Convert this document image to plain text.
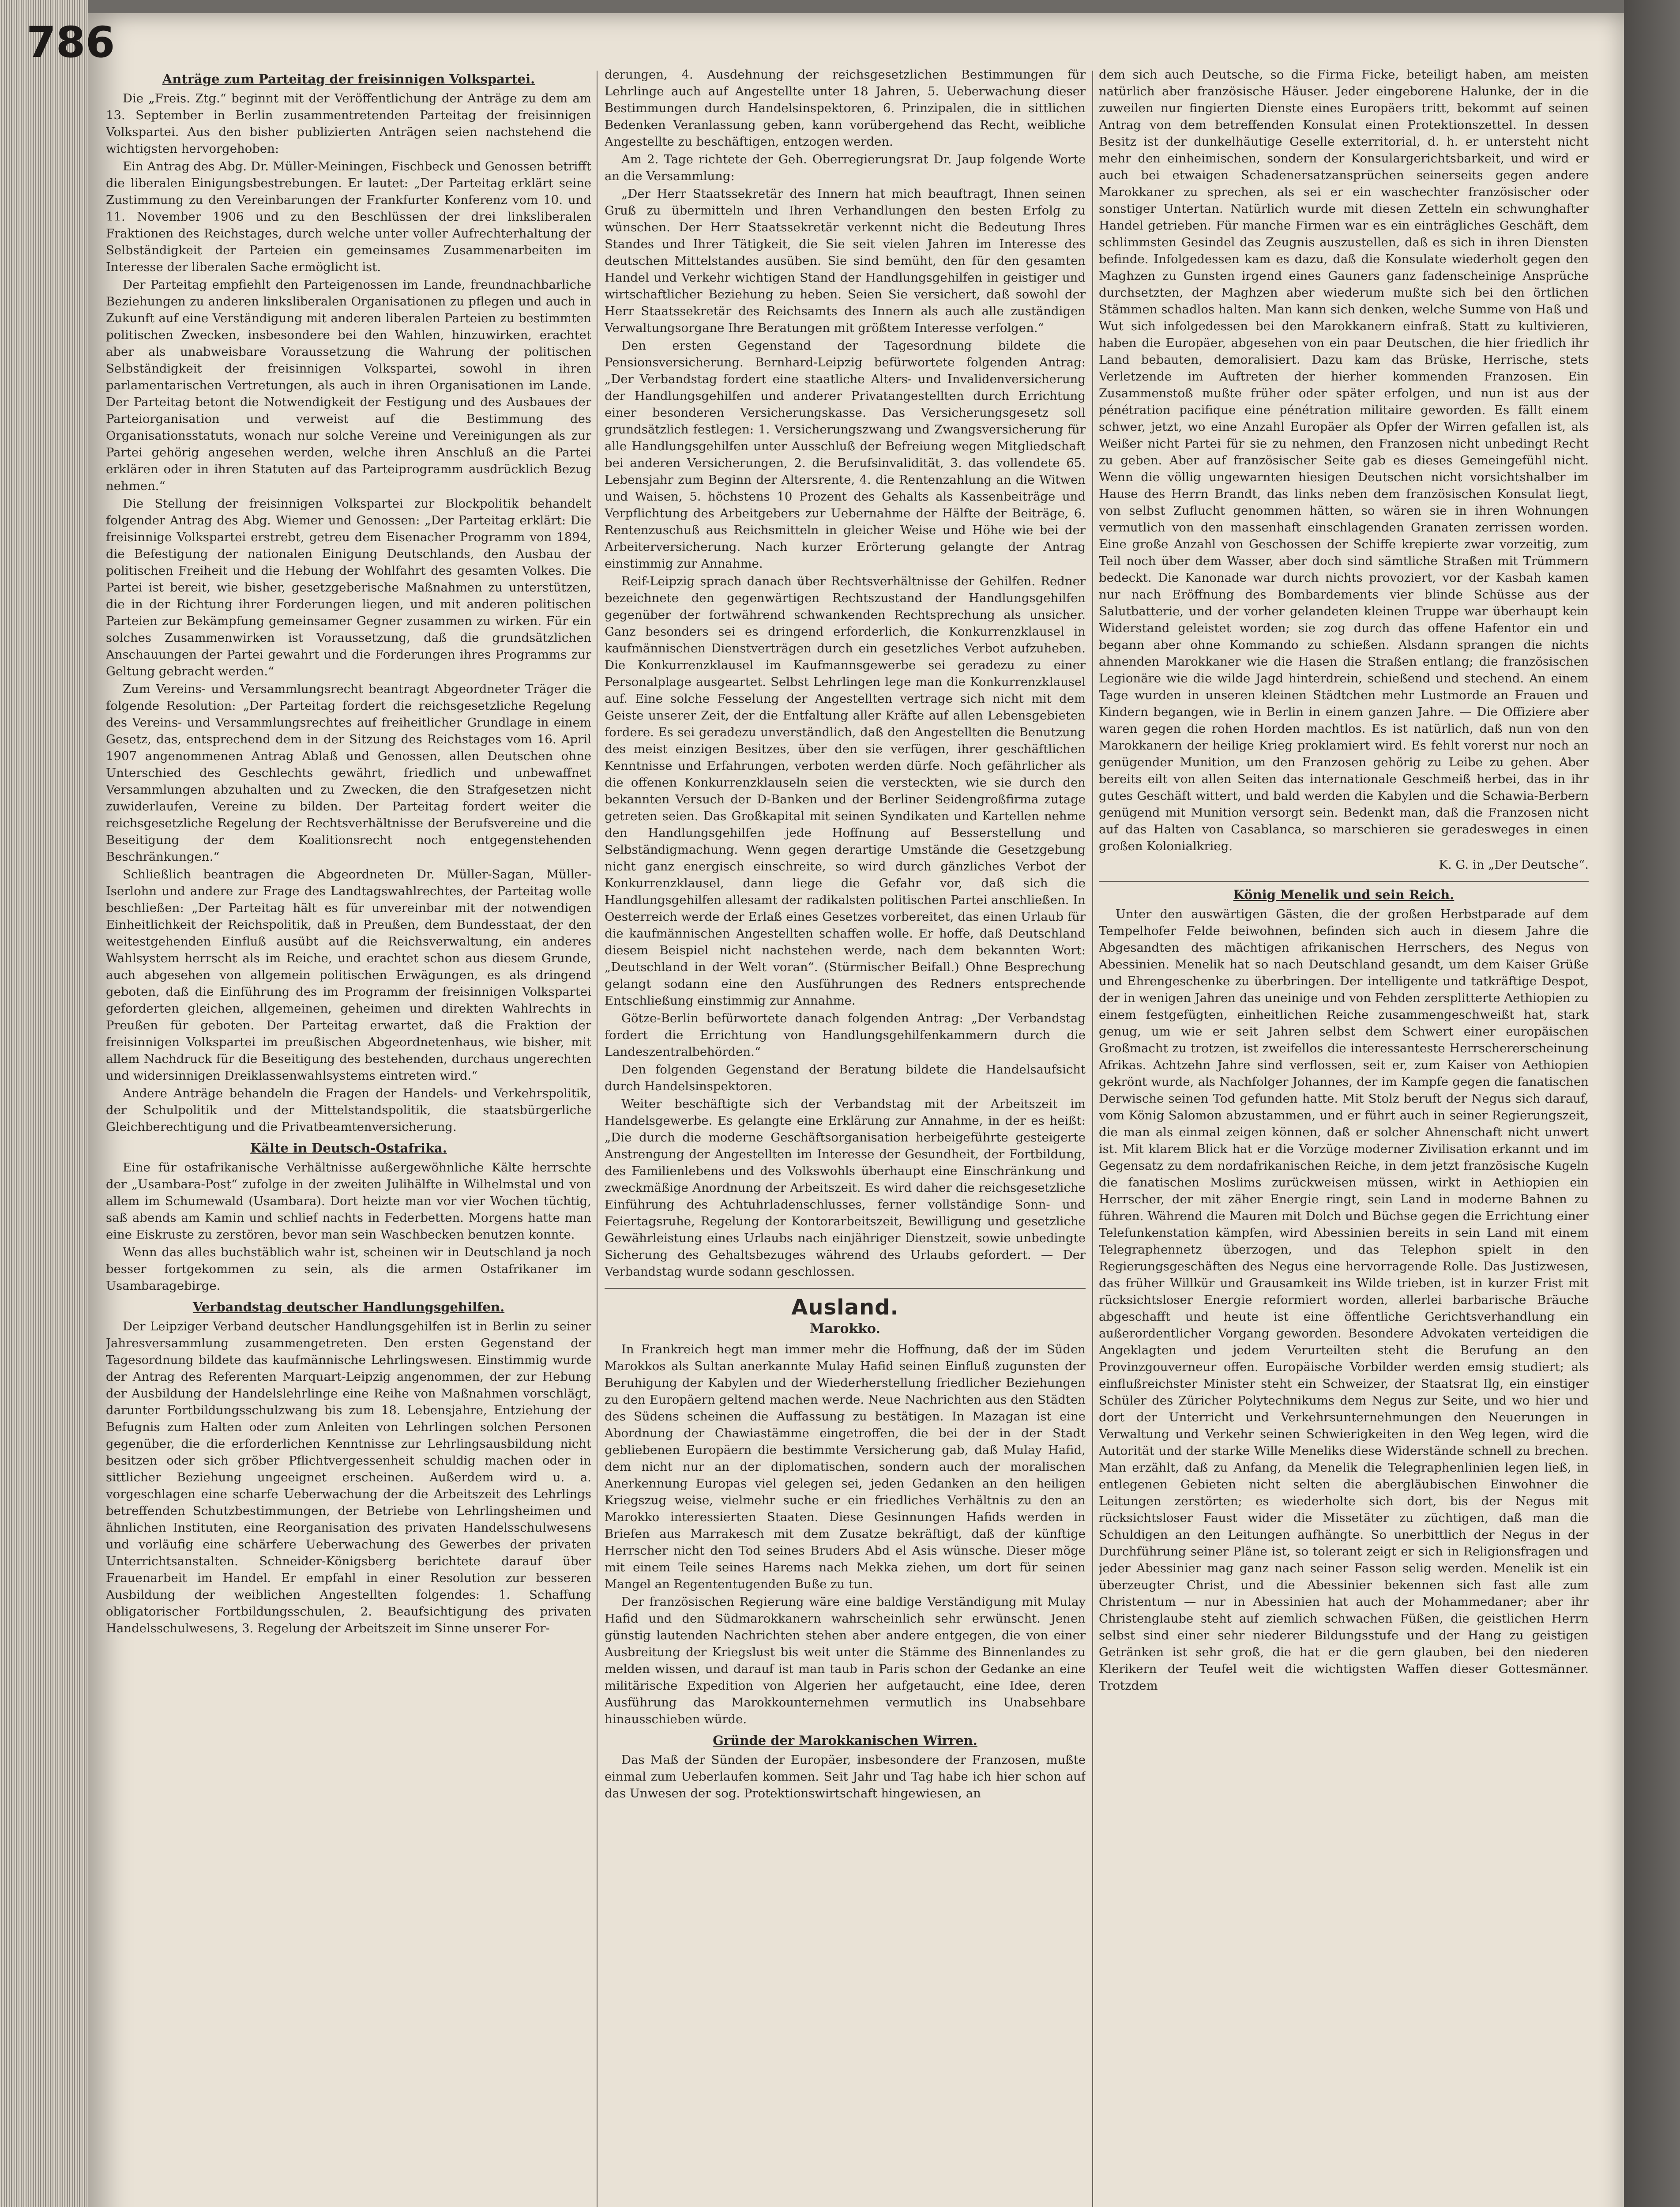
786
Anträge zum Parteitag der freisinnigen Volkspartei.

Die „Freis. Ztg.“ beginnt mit der Veröffentlichung der Anträge zu dem am 13. September in Berlin zusammentretenden Parteitag der freisinnigen Volkspartei. Aus den bisher publizierten Anträgen seien nachstehend die wichtigsten hervorgehoben:

Ein Antrag des Abg. Dr. Müller-Meiningen, Fischbeck und Genossen betrifft die liberalen Einigungsbestrebungen. Er lautet: „Der Parteitag erklärt seine Zustimmung zu den Vereinbarungen der Frankfurter Konferenz vom 10. und 11. November 1906 und zu den Beschlüssen der drei linksliberalen Fraktionen des Reichstages, durch welche unter voller Aufrechterhaltung der Selbständigkeit der Parteien ein gemeinsames Zusammenarbeiten im Interesse der liberalen Sache ermöglicht ist.

Der Parteitag empfiehlt den Parteigenossen im Lande, freundnachbarliche Beziehungen zu anderen linksliberalen Organisationen zu pflegen und auch in Zukunft auf eine Verständigung mit anderen liberalen Parteien zu bestimmten politischen Zwecken, insbesondere bei den Wahlen, hinzuwirken, erachtet aber als unabweisbare Voraussetzung die Wahrung der politischen Selbständigkeit der freisinnigen Volkspartei, sowohl in ihren parlamentarischen Vertretungen, als auch in ihren Organisationen im Lande. Der Parteitag betont die Notwendigkeit der Festigung und des Ausbaues der Parteiorganisation und verweist auf die Bestimmung des Organisationsstatuts, wonach nur solche Vereine und Vereinigungen als zur Partei gehörig angesehen werden, welche ihren Anschluß an die Partei erklären oder in ihren Statuten auf das Parteiprogramm ausdrücklich Bezug nehmen.“

Die Stellung der freisinnigen Volkspartei zur Blockpolitik behandelt folgender Antrag des Abg. Wiemer und Genossen: „Der Parteitag erklärt: Die freisinnige Volkspartei erstrebt, getreu dem Eisenacher Programm von 1894, die Befestigung der nationalen Einigung Deutschlands, den Ausbau der politischen Freiheit und die Hebung der Wohlfahrt des gesamten Volkes. Die Partei ist bereit, wie bisher, gesetzgeberische Maßnahmen zu unterstützen, die in der Richtung ihrer Forderungen liegen, und mit anderen politischen Parteien zur Bekämpfung gemeinsamer Gegner zusammen zu wirken. Für ein solches Zusammenwirken ist Voraussetzung, daß die grundsätzlichen Anschauungen der Partei gewahrt und die Forderungen ihres Programms zur Geltung gebracht werden.“

Zum Vereins- und Versammlungsrecht beantragt Abgeordneter Träger die folgende Resolution: „Der Parteitag fordert die reichsgesetzliche Regelung des Vereins- und Versammlungsrechtes auf freiheitlicher Grundlage in einem Gesetz, das, entsprechend dem in der Sitzung des Reichstages vom 16. April 1907 angenommenen Antrag Ablaß und Genossen, allen Deutschen ohne Unterschied des Geschlechts gewährt, friedlich und unbewaffnet Versammlungen abzuhalten und zu Zwecken, die den Strafgesetzen nicht zuwiderlaufen, Vereine zu bilden. Der Parteitag fordert weiter die reichsgesetzliche Regelung der Rechtsverhältnisse der Berufsvereine und die Beseitigung der dem Koalitionsrecht noch entgegenstehenden Beschränkungen.“

Schließlich beantragen die Abgeordneten Dr. Müller-Sagan, Müller-Iserlohn und andere zur Frage des Landtagswahlrechtes, der Parteitag wolle beschließen: „Der Parteitag hält es für unvereinbar mit der notwendigen Einheitlichkeit der Reichspolitik, daß in Preußen, dem Bundesstaat, der den weitestgehenden Einfluß ausübt auf die Reichsverwaltung, ein anderes Wahlsystem herrscht als im Reiche, und erachtet schon aus diesem Grunde, auch abgesehen von allgemein politischen Erwägungen, es als dringend geboten, daß die Einführung des im Programm der freisinnigen Volkspartei geforderten gleichen, allgemeinen, geheimen und direkten Wahlrechts in Preußen für geboten. Der Parteitag erwartet, daß die Fraktion der freisinnigen Volkspartei im preußischen Abgeordnetenhaus, wie bisher, mit allem Nachdruck für die Beseitigung des bestehenden, durchaus ungerechten und widersinnigen Dreiklassenwahlsystems eintreten wird.“

Andere Anträge behandeln die Fragen der Handels- und Verkehrspolitik, der Schulpolitik und der Mittelstandspolitik, die staatsbürgerliche Gleichberechtigung und die Privatbeamtenversicherung.

Kälte in Deutsch-Ostafrika.

Eine für ostafrikanische Verhältnisse außergewöhnliche Kälte herrschte der „Usambara-Post“ zufolge in der zweiten Julihälfte in Wilhelmstal und von allem im Schumewald (Usambara). Dort heizte man vor vier Wochen tüchtig, saß abends am Kamin und schlief nachts in Federbetten. Morgens hatte man eine Eiskruste zu zerstören, bevor man sein Waschbecken benutzen konnte.

Wenn das alles buchstäblich wahr ist, scheinen wir in Deutschland ja noch besser fortgekommen zu sein, als die armen Ostafrikaner im Usambaragebirge.

Verbandstag deutscher Handlungsgehilfen.

Der Leipziger Verband deutscher Handlungsgehilfen ist in Berlin zu seiner Jahresversammlung zusammengetreten. Den ersten Gegenstand der Tagesordnung bildete das kaufmännische Lehrlingswesen. Einstimmig wurde der Antrag des Referenten Marquart-Leipzig angenommen, der zur Hebung der Ausbildung der Handelslehrlinge eine Reihe von Maßnahmen vorschlägt, darunter Fortbildungsschulzwang bis zum 18. Lebensjahre, Entziehung der Befugnis zum Halten oder zum Anleiten von Lehrlingen solchen Personen gegenüber, die die erforderlichen Kenntnisse zur Lehrlingsausbildung nicht besitzen oder sich gröber Pflichtvergessenheit schuldig machen oder in sittlicher Beziehung ungeeignet erscheinen. Außerdem wird u. a. vorgeschlagen eine scharfe Ueberwachung der die Arbeitszeit des Lehrlings betreffenden Schutzbestimmungen, der Betriebe von Lehrlingsheimen und ähnlichen Instituten, eine Reorganisation des privaten Handelsschulwesens und vorläufig eine schärfere Ueberwachung des Gewerbes der privaten Unterrichtsanstalten. Schneider-Königsberg berichtete darauf über Frauenarbeit im Handel. Er empfahl in einer Resolution zur besseren Ausbildung der weiblichen Angestellten folgendes: 1. Schaffung obligatorischer Fortbildungsschulen, 2. Beaufsichtigung des privaten Handelsschulwesens, 3. Regelung der Arbeitszeit im Sinne unserer For-

derungen, 4. Ausdehnung der reichsgesetzlichen Bestimmungen für Lehrlinge auch auf Angestellte unter 18 Jahren, 5. Ueberwachung dieser Bestimmungen durch Handelsinspektoren, 6. Prinzipalen, die in sittlichen Bedenken Veranlassung geben, kann vorübergehend das Recht, weibliche Angestellte zu beschäftigen, entzogen werden.

Am 2. Tage richtete der Geh. Oberregierungsrat Dr. Jaup folgende Worte an die Versammlung:

„Der Herr Staatssekretär des Innern hat mich beauftragt, Ihnen seinen Gruß zu übermitteln und Ihren Verhandlungen den besten Erfolg zu wünschen. Der Herr Staatssekretär verkennt nicht die Bedeutung Ihres Standes und Ihrer Tätigkeit, die Sie seit vielen Jahren im Interesse des deutschen Mittelstandes ausüben. Sie sind bemüht, den für den gesamten Handel und Verkehr wichtigen Stand der Handlungsgehilfen in geistiger und wirtschaftlicher Beziehung zu heben. Seien Sie versichert, daß sowohl der Herr Staatssekretär des Reichsamts des Innern als auch alle zuständigen Verwaltungsorgane Ihre Beratungen mit größtem Interesse verfolgen.“

Den ersten Gegenstand der Tagesordnung bildete die Pensionsversicherung. Bernhard-Leipzig befürwortete folgenden Antrag: „Der Verbandstag fordert eine staatliche Alters- und Invalidenversicherung der Handlungsgehilfen und anderer Privatangestellten durch Errichtung einer besonderen Versicherungskasse. Das Versicherungsgesetz soll grundsätzlich festlegen: 1. Versicherungszwang und Zwangsversicherung für alle Handlungsgehilfen unter Ausschluß der Befreiung wegen Mitgliedschaft bei anderen Versicherungen, 2. die Berufsinvalidität, 3. das vollendete 65. Lebensjahr zum Beginn der Altersrente, 4. die Rentenzahlung an die Witwen und Waisen, 5. höchstens 10 Prozent des Gehalts als Kassenbeiträge und Verpflichtung des Arbeitgebers zur Uebernahme der Hälfte der Beiträge, 6. Rentenzuschuß aus Reichsmitteln in gleicher Weise und Höhe wie bei der Arbeiterversicherung. Nach kurzer Erörterung gelangte der Antrag einstimmig zur Annahme.

Reif-Leipzig sprach danach über Rechtsverhältnisse der Gehilfen. Redner bezeichnete den gegenwärtigen Rechtszustand der Handlungsgehilfen gegenüber der fortwährend schwankenden Rechtsprechung als unsicher. Ganz besonders sei es dringend erforderlich, die Konkurrenzklausel in kaufmännischen Dienstverträgen durch ein gesetzliches Verbot aufzuheben. Die Konkurrenzklausel im Kaufmannsgewerbe sei geradezu zu einer Personalplage ausgeartet. Selbst Lehrlingen lege man die Konkurrenzklausel auf. Eine solche Fesselung der Angestellten vertrage sich nicht mit dem Geiste unserer Zeit, der die Entfaltung aller Kräfte auf allen Lebensgebieten fordere. Es sei geradezu unverständlich, daß den Angestellten die Benutzung des meist einzigen Besitzes, über den sie verfügen, ihrer geschäftlichen Kenntnisse und Erfahrungen, verboten werden dürfe. Noch gefährlicher als die offenen Konkurrenzklauseln seien die versteckten, wie sie durch den bekannten Versuch der D-Banken und der Berliner Seidengroßfirma zutage getreten seien. Das Großkapital mit seinen Syndikaten und Kartellen nehme den Handlungsgehilfen jede Hoffnung auf Besserstellung und Selbständigmachung. Wenn gegen derartige Umstände die Gesetzgebung nicht ganz energisch einschreite, so wird durch gänzliches Verbot der Konkurrenzklausel, dann liege die Gefahr vor, daß sich die Handlungsgehilfen allesamt der radikalsten politischen Partei anschließen. In Oesterreich werde der Erlaß eines Gesetzes vorbereitet, das einen Urlaub für die kaufmännischen Angestellten schaffen wolle. Er hoffe, daß Deutschland diesem Beispiel nicht nachstehen werde, nach dem bekannten Wort: „Deutschland in der Welt voran“. (Stürmischer Beifall.) Ohne Besprechung gelangt sodann eine den Ausführungen des Redners entsprechende Entschließung einstimmig zur Annahme.

Götze-Berlin befürwortete danach folgenden Antrag: „Der Verbandstag fordert die Errichtung von Handlungsgehilfenkammern durch die Landeszentralbehörden.“

Den folgenden Gegenstand der Beratung bildete die Handelsaufsicht durch Handelsinspektoren.

Weiter beschäftigte sich der Verbandstag mit der Arbeitszeit im Handelsgewerbe. Es gelangte eine Erklärung zur Annahme, in der es heißt: „Die durch die moderne Geschäftsorganisation herbeigeführte gesteigerte Anstrengung der Angestellten im Interesse der Gesundheit, der Fortbildung, des Familienlebens und des Volkswohls überhaupt eine Einschränkung und zweckmäßige Anordnung der Arbeitszeit. Es wird daher die reichsgesetzliche Einführung des Achtuhrladenschlusses, ferner vollständige Sonn- und Feiertagsruhe, Regelung der Kontorarbeitszeit, Bewilligung und gesetzliche Gewährleistung eines Urlaubs nach einjähriger Dienstzeit, sowie unbedingte Sicherung des Gehaltsbezuges während des Urlaubs gefordert. — Der Verbandstag wurde sodann geschlossen.

Ausland.
Marokko.

In Frankreich hegt man immer mehr die Hoffnung, daß der im Süden Marokkos als Sultan anerkannte Mulay Hafid seinen Einfluß zugunsten der Beruhigung der Kabylen und der Wiederherstellung friedlicher Beziehungen zu den Europäern geltend machen werde. Neue Nachrichten aus den Städten des Südens scheinen die Auffassung zu bestätigen. In Mazagan ist eine Abordnung der Chawiastämme eingetroffen, die bei der in der Stadt gebliebenen Europäern die bestimmte Versicherung gab, daß Mulay Hafid, dem nicht nur an der diplomatischen, sondern auch der moralischen Anerkennung Europas viel gelegen sei, jeden Gedanken an den heiligen Kriegszug weise, vielmehr suche er ein friedliches Verhältnis zu den an Marokko interessierten Staaten. Diese Gesinnungen Hafids werden in Briefen aus Marrakesch mit dem Zusatze bekräftigt, daß der künftige Herrscher nicht den Tod seines Bruders Abd el Asis wünsche. Dieser möge mit einem Teile seines Harems nach Mekka ziehen, um dort für seinen Mangel an Regententugenden Buße zu tun.

Der französischen Regierung wäre eine baldige Verständigung mit Mulay Hafid und den Südmarokkanern wahrscheinlich sehr erwünscht. Jenen günstig lautenden Nachrichten stehen aber andere entgegen, die von einer Ausbreitung der Kriegslust bis weit unter die Stämme des Binnenlandes zu melden wissen, und darauf ist man taub in Paris schon der Gedanke an eine militärische Expedition von Algerien her aufgetaucht, eine Idee, deren Ausführung das Marokkounternehmen vermutlich ins Unabsehbare hinausschieben würde.

Gründe der Marokkanischen Wirren.

Das Maß der Sünden der Europäer, insbesondere der Franzosen, mußte einmal zum Ueberlaufen kommen. Seit Jahr und Tag habe ich hier schon auf das Unwesen der sog. Protektionswirtschaft hingewiesen, an

dem sich auch Deutsche, so die Firma Ficke, beteiligt haben, am meisten natürlich aber französische Häuser. Jeder eingeborene Halunke, der in die zuweilen nur fingierten Dienste eines Europäers tritt, bekommt auf seinen Antrag von dem betreffenden Konsulat einen Protektionszettel. In dessen Besitz ist der dunkelhäutige Geselle exterritorial, d. h. er untersteht nicht mehr den einheimischen, sondern der Konsulargerichtsbarkeit, und wird er auch bei etwaigen Schadenersatzansprüchen seinerseits gegen andere Marokkaner zu sprechen, als sei er ein waschechter französischer oder sonstiger Untertan. Natürlich wurde mit diesen Zetteln ein schwunghafter Handel getrieben. Für manche Firmen war es ein einträgliches Geschäft, dem schlimmsten Gesindel das Zeugnis auszustellen, daß es sich in ihren Diensten befinde. Infolgedessen kam es dazu, daß die Konsulate wiederholt gegen den Maghzen zu Gunsten irgend eines Gauners ganz fadenscheinige Ansprüche durchsetzten, der Maghzen aber wiederum mußte sich bei den örtlichen Stämmen schadlos halten. Man kann sich denken, welche Summe von Haß und Wut sich infolgedessen bei den Marokkanern einfraß. Statt zu kultivieren, haben die Europäer, abgesehen von ein paar Deutschen, die hier friedlich ihr Land bebauten, demoralisiert. Dazu kam das Brüske, Herrische, stets Verletzende im Auftreten der hierher kommenden Franzosen. Ein Zusammenstoß mußte früher oder später erfolgen, und nun ist aus der pénétration pacifique eine pénétration militaire geworden. Es fällt einem schwer, jetzt, wo eine Anzahl Europäer als Opfer der Wirren gefallen ist, als Weißer nicht Partei für sie zu nehmen, den Franzosen nicht unbedingt Recht zu geben. Aber auf französischer Seite gab es dieses Gemeingefühl nicht. Wenn die völlig ungewarnten hiesigen Deutschen nicht vorsichtshalber im Hause des Herrn Brandt, das links neben dem französischen Konsulat liegt, von selbst Zuflucht genommen hätten, so wären sie in ihren Wohnungen vermutlich von den massenhaft einschlagenden Granaten zerrissen worden. Eine große Anzahl von Geschossen der Schiffe krepierte zwar vorzeitig, zum Teil noch über dem Wasser, aber doch sind sämtliche Straßen mit Trümmern bedeckt. Die Kanonade war durch nichts provoziert, vor der Kasbah kamen nur nach Eröffnung des Bombardements vier blinde Schüsse aus der Salutbatterie, und der vorher gelandeten kleinen Truppe war überhaupt kein Widerstand geleistet worden; sie zog durch das offene Hafentor ein und begann aber ohne Kommando zu schießen. Alsdann sprangen die nichts ahnenden Marokkaner wie die Hasen die Straßen entlang; die französischen Legionäre wie die wilde Jagd hinterdrein, schießend und stechend. An einem Tage wurden in unseren kleinen Städtchen mehr Lustmorde an Frauen und Kindern begangen, wie in Berlin in einem ganzen Jahre. — Die Offiziere aber waren gegen die rohen Horden machtlos. Es ist natürlich, daß nun von den Marokkanern der heilige Krieg proklamiert wird. Es fehlt vorerst nur noch an genügender Munition, um den Franzosen gehörig zu Leibe zu gehen. Aber bereits eilt von allen Seiten das internationale Geschmeiß herbei, das in ihr gutes Geschäft wittert, und bald werden die Kabylen und die Schawia-Berbern genügend mit Munition versorgt sein. Bedenkt man, daß die Franzosen nicht auf das Halten von Casablanca, so marschieren sie geradesweges in einen großen Kolonialkrieg.

K. G. in „Der Deutsche“.
König Menelik und sein Reich.

Unter den auswärtigen Gästen, die der großen Herbstparade auf dem Tempelhofer Felde beiwohnen, befinden sich auch in diesem Jahre die Abgesandten des mächtigen afrikanischen Herrschers, des Negus von Abessinien. Menelik hat so nach Deutschland gesandt, um dem Kaiser Grüße und Ehrengeschenke zu überbringen. Der intelligente und tatkräftige Despot, der in wenigen Jahren das uneinige und von Fehden zersplitterte Aethiopien zu einem festgefügten, einheitlichen Reiche zusammengeschweißt hat, stark genug, um wie er seit Jahren selbst dem Schwert einer europäischen Großmacht zu trotzen, ist zweifellos die interessanteste Herrschererscheinung Afrikas. Achtzehn Jahre sind verflossen, seit er, zum Kaiser von Aethiopien gekrönt wurde, als Nachfolger Johannes, der im Kampfe gegen die fanatischen Derwische seinen Tod gefunden hatte. Mit Stolz beruft der Negus sich darauf, vom König Salomon abzustammen, und er führt auch in seiner Regierungszeit, die man als einmal zeigen können, daß er solcher Ahnenschaft nicht unwert ist. Mit klarem Blick hat er die Vorzüge moderner Zivilisation erkannt und im Gegensatz zu dem nordafrikanischen Reiche, in dem jetzt französische Kugeln die fanatischen Moslims zurückweisen müssen, wirkt in Aethiopien ein Herrscher, der mit zäher Energie ringt, sein Land in moderne Bahnen zu führen. Während die Mauren mit Dolch und Büchse gegen die Errichtung einer Telefunkenstation kämpfen, wird Abessinien bereits in sein Land mit einem Telegraphennetz überzogen, und das Telephon spielt in den Regierungsgeschäften des Negus eine hervorragende Rolle. Das Justizwesen, das früher Willkür und Grausamkeit ins Wilde trieben, ist in kurzer Frist mit rücksichtsloser Energie reformiert worden, allerlei barbarische Bräuche abgeschafft und heute ist eine öffentliche Gerichtsverhandlung ein außerordentlicher Vorgang geworden. Besondere Advokaten verteidigen die Angeklagten und jedem Verurteilten steht die Berufung an den Provinzgouverneur offen. Europäische Vorbilder werden emsig studiert; als einflußreichster Minister steht ein Schweizer, der Staatsrat Ilg, ein einstiger Schüler des Züricher Polytechnikums dem Negus zur Seite, und wo hier und dort der Unterricht und Verkehrsunternehmungen den Neuerungen in Verwaltung und Verkehr seinen Schwierigkeiten in den Weg legen, wird die Autorität und der starke Wille Meneliks diese Widerstände schnell zu brechen. Man erzählt, daß zu Anfang, da Menelik die Telegraphenlinien legen ließ, in entlegenen Gebieten nicht selten die abergläubischen Einwohner die Leitungen zerstörten; es wiederholte sich dort, bis der Negus mit rücksichtsloser Faust wider die Missetäter zu züchtigen, daß man die Schuldigen an den Leitungen aufhängte. So unerbittlich der Negus in der Durchführung seiner Pläne ist, so tolerant zeigt er sich in Religionsfragen und jeder Abessinier mag ganz nach seiner Fasson selig werden. Menelik ist ein überzeugter Christ, und die Abessinier bekennen sich fast alle zum Christentum — nur in Abessinien hat auch der Mohammedaner; aber ihr Christenglaube steht auf ziemlich schwachen Füßen, die geistlichen Herrn selbst sind einer sehr niederer Bildungsstufe und der Hang zu geistigen Getränken ist sehr groß, die hat er die gern glauben, bei den niederen Klerikern der Teufel weit die wichtigsten Waffen dieser Gottesmänner. Trotzdem
